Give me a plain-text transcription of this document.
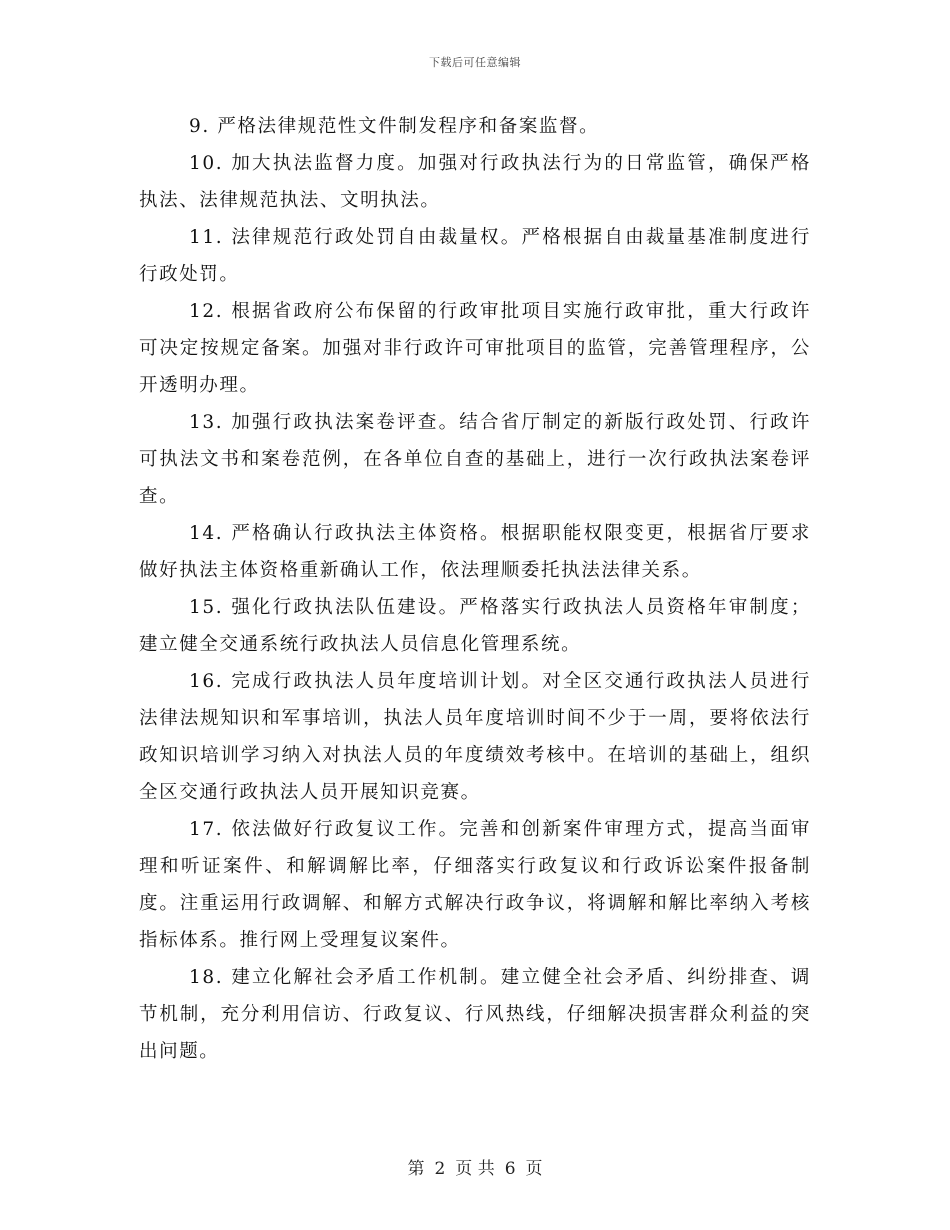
下载后可任意编辑

9. 严格法律规范性文件制发程序和备案监督。

10. 加大执法监督力度。加强对行政执法行为的日常监管，确保严格执法、法律规范执法、文明执法。

11. 法律规范行政处罚自由裁量权。严格根据自由裁量基准制度进行行政处罚。

12. 根据省政府公布保留的行政审批项目实施行政审批，重大行政许可决定按规定备案。加强对非行政许可审批项目的监管，完善管理程序，公开透明办理。

13. 加强行政执法案卷评查。结合省厅制定的新版行政处罚、行政许可执法文书和案卷范例，在各单位自查的基础上，进行一次行政执法案卷评查。

14. 严格确认行政执法主体资格。根据职能权限变更，根据省厅要求做好执法主体资格重新确认工作，依法理顺委托执法法律关系。

15. 强化行政执法队伍建设。严格落实行政执法人员资格年审制度；建立健全交通系统行政执法人员信息化管理系统。

16. 完成行政执法人员年度培训计划。对全区交通行政执法人员进行法律法规知识和军事培训，执法人员年度培训时间不少于一周，要将依法行政知识培训学习纳入对执法人员的年度绩效考核中。在培训的基础上，组织全区交通行政执法人员开展知识竞赛。

17. 依法做好行政复议工作。完善和创新案件审理方式，提高当面审理和听证案件、和解调解比率，仔细落实行政复议和行政诉讼案件报备制度。注重运用行政调解、和解方式解决行政争议，将调解和解比率纳入考核指标体系。推行网上受理复议案件。

18. 建立化解社会矛盾工作机制。建立健全社会矛盾、纠纷排查、调节机制，充分利用信访、行政复议、行风热线，仔细解决损害群众利益的突出问题。

第 2 页 共 6 页
